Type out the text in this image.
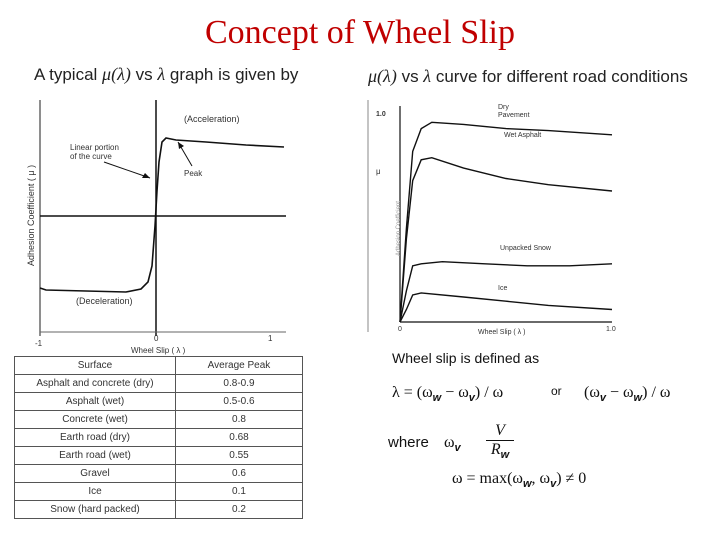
Concept of Wheel Slip
A typical μ(λ) vs λ graph is given by	μ(λ) vs λ curve for different road conditions
(Acceleration)
(Deceleration)
Linear portion
of the curve
Peak
-1
0	1
Wheel Slip ( λ )
Adhesion Coefficient ( μ )
1.0
μ
Adhesion Coefficient
0	1.0
Wheel Slip ( λ )
Dry
Pavement
Wet Asphalt
Unpacked Snow
Ice
Surface	Average Peak
Asphalt and concrete (dry)	0.8-0.9
Asphalt (wet)	0.5-0.6
Concrete (wet)	0.8
Earth road (dry)	0.68
Earth road (wet)	0.55
Gravel	0.6
Ice	0.1
Snow (hard packed)	0.2
Wheel slip is defined as
$\lambda = (\omega_w - \omega_v) / \omega$	or $(\omega_v - \omega_w) / \omega$
where $\omega_v \frac{V}{R_w}$
$\omega = \max(\omega_w$, $\omega_v) \ne 0$
